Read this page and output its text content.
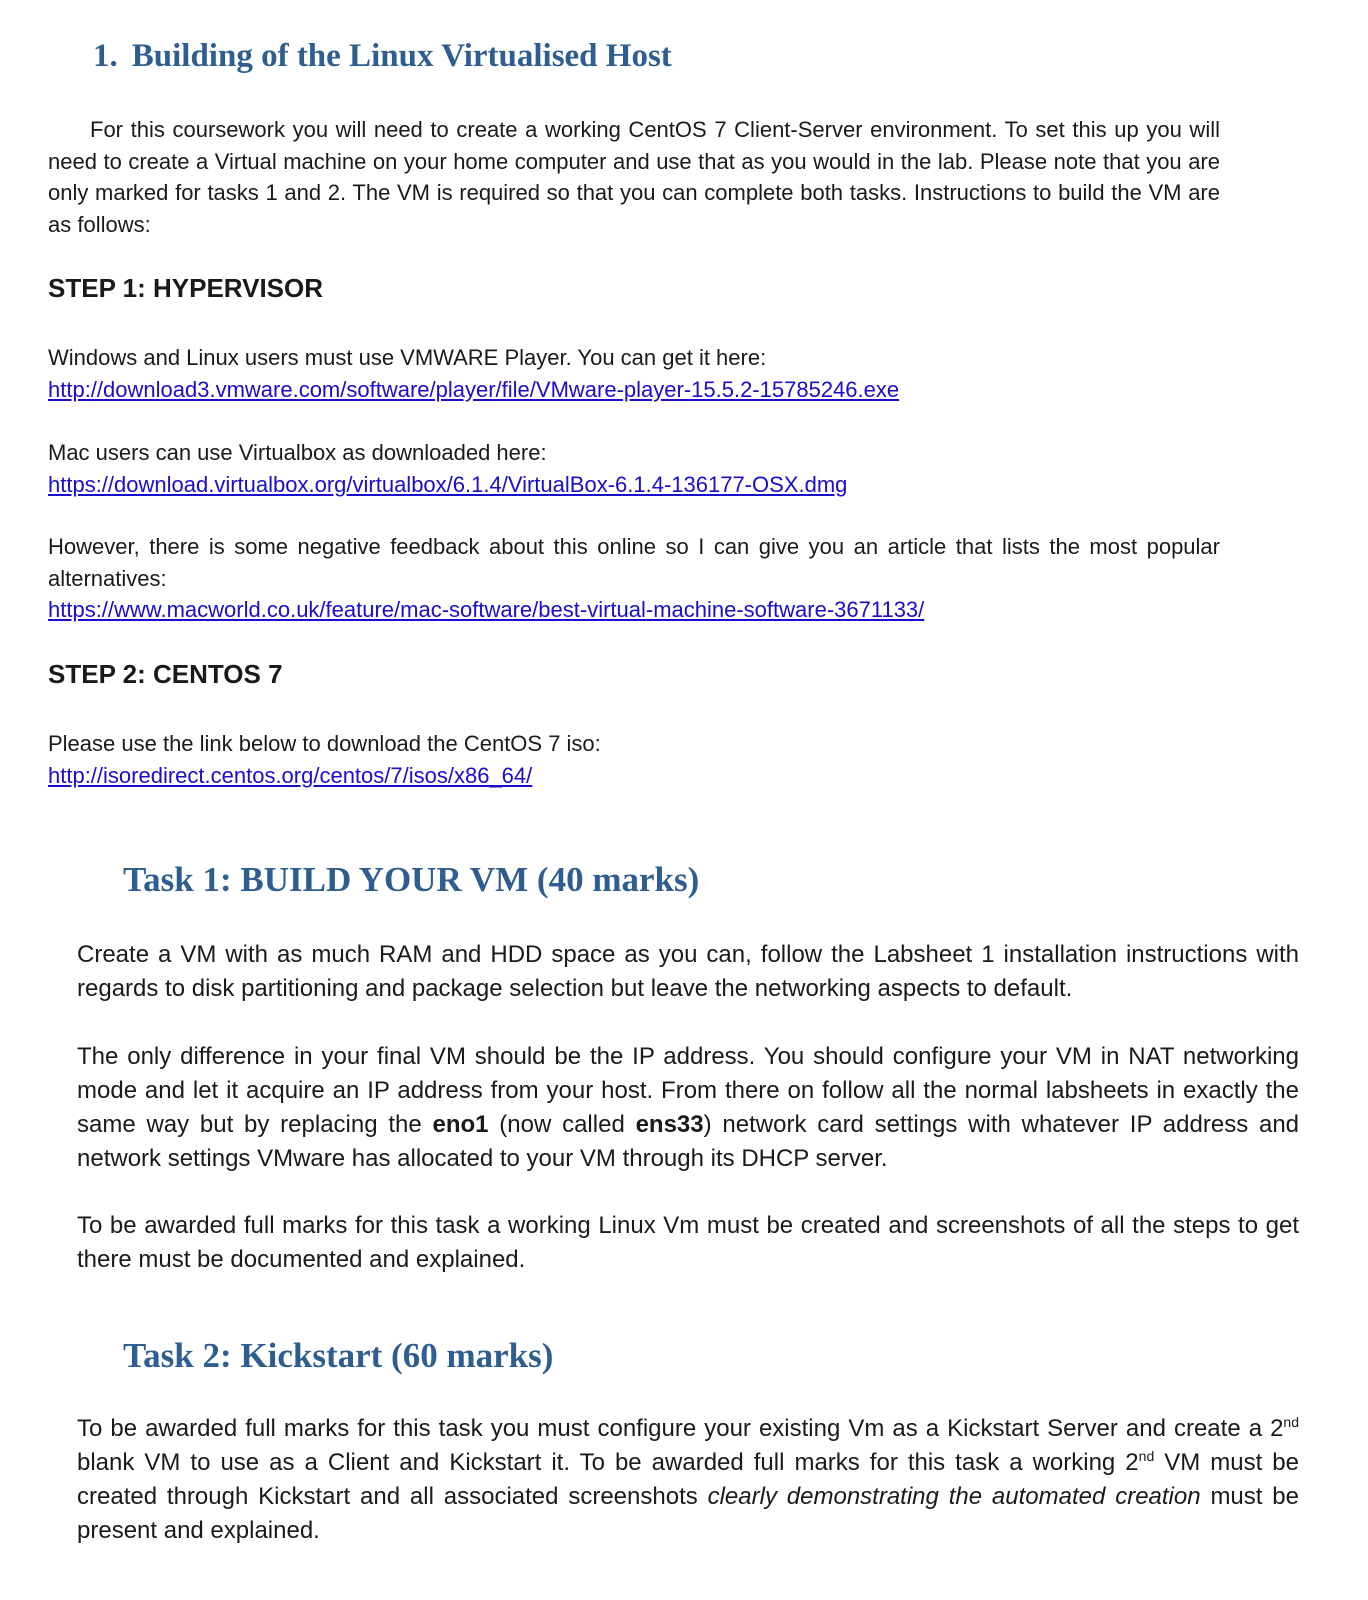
1. Building of the Linux Virtualised Host

For this coursework you will need to create a working CentOS 7 Client-Server environment. To set this up you will need to create a Virtual machine on your home computer and use that as you would in the lab. Please note that you are only marked for tasks 1 and 2. The VM is required so that you can complete both tasks. Instructions to build the VM are as follows:

STEP 1: HYPERVISOR

Windows and Linux users must use VMWARE Player. You can get it here:
http://download3.vmware.com/software/player/file/VMware-player-15.5.2-15785246.exe

Mac users can use Virtualbox as downloaded here:
https://download.virtualbox.org/virtualbox/6.1.4/VirtualBox-6.1.4-136177-OSX.dmg

However, there is some negative feedback about this online so I can give you an article that lists the most popular alternatives:
https://www.macworld.co.uk/feature/mac-software/best-virtual-machine-software-3671133/

STEP 2: CENTOS 7

Please use the link below to download the CentOS 7 iso:
http://isoredirect.centos.org/centos/7/isos/x86_64/

Task 1: BUILD YOUR VM (40 marks)

Create a VM with as much RAM and HDD space as you can, follow the Labsheet 1 installation instructions with regards to disk partitioning and package selection but leave the networking aspects to default.

The only difference in your final VM should be the IP address. You should configure your VM in NAT networking mode and let it acquire an IP address from your host. From there on follow all the normal labsheets in exactly the same way but by replacing the eno1 (now called ens33) network card settings with whatever IP address and network settings VMware has allocated to your VM through its DHCP server.

To be awarded full marks for this task a working Linux Vm must be created and screenshots of all the steps to get there must be documented and explained.

Task 2: Kickstart (60 marks)

To be awarded full marks for this task you must configure your existing Vm as a Kickstart Server and create a 2nd blank VM to use as a Client and Kickstart it. To be awarded full marks for this task a working 2nd VM must be created through Kickstart and all associated screenshots clearly demonstrating the automated creation must be present and explained.
